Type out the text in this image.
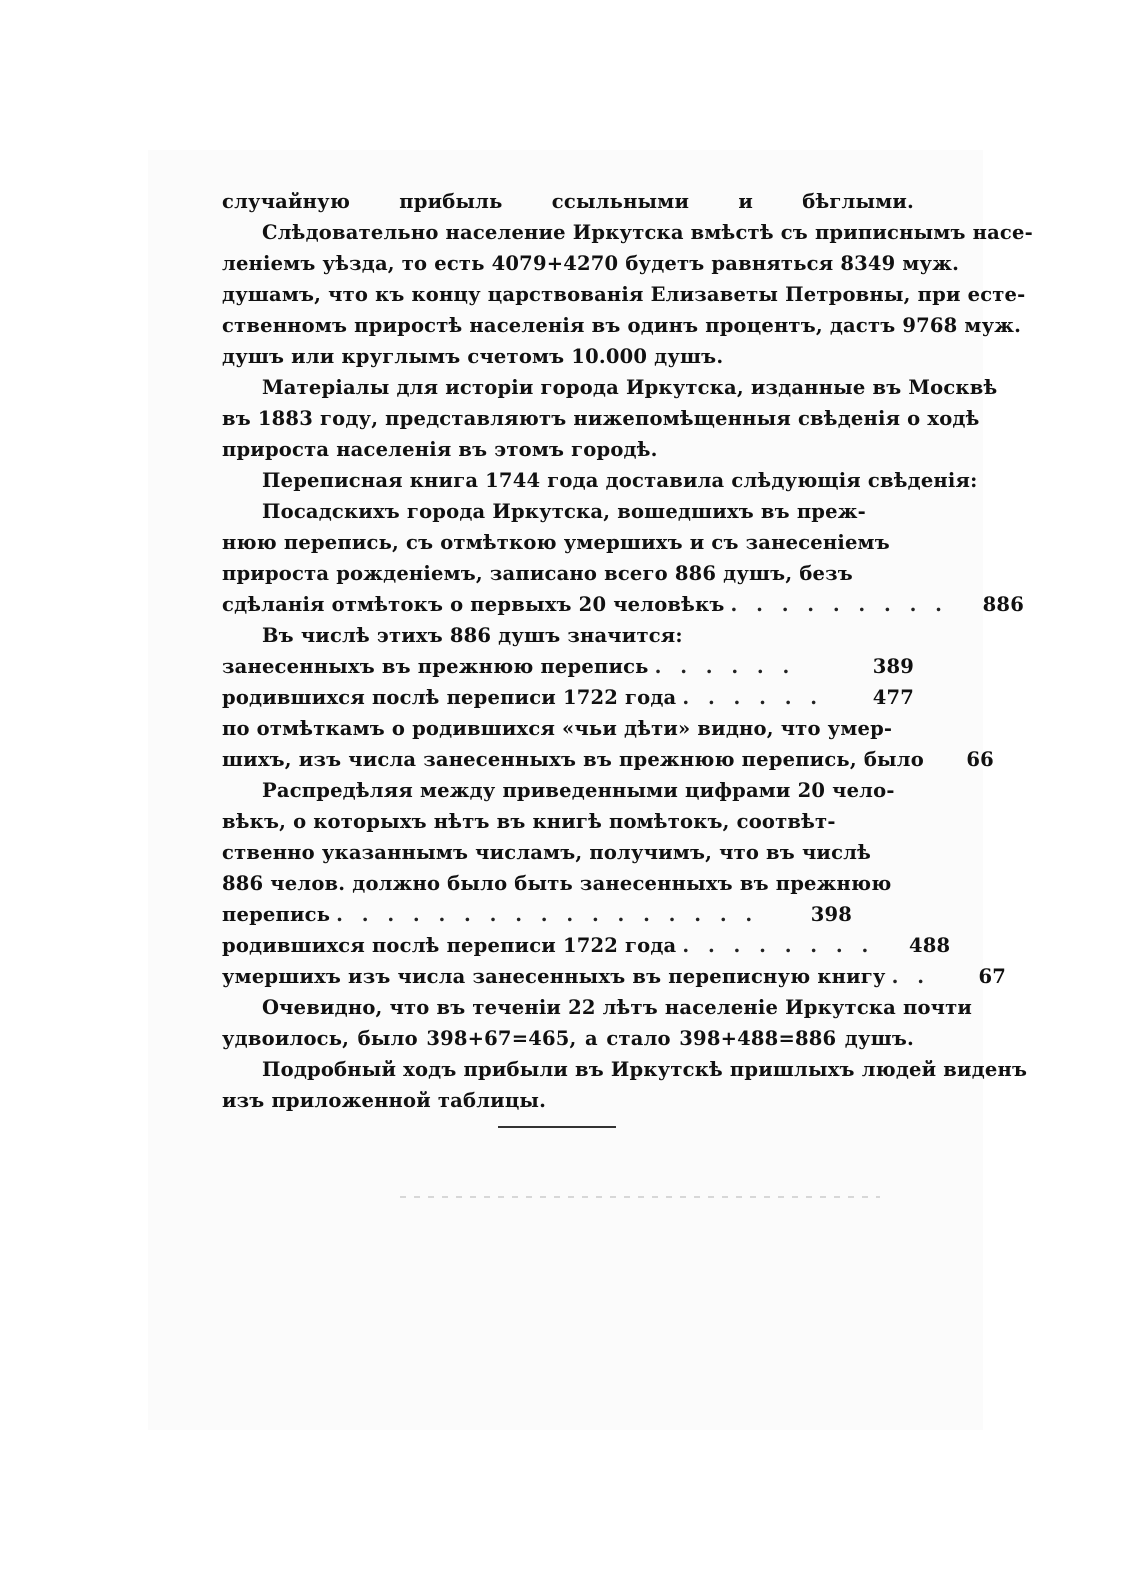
случайную прибыль ссыльными и бѣглыми.
Слѣдовательно население Иркутска вмѣстѣ съ приписнымъ насе-
ленiемъ уѣзда, то есть 4079+4270 будетъ равняться 8349 муж.
душамъ, что къ концу царствованiя Елизаветы Петровны, при есте-
ственномъ приростѣ населенiя въ одинъ процентъ, дастъ 9768 муж.
душъ или круглымъ счетомъ 10.000 душъ.
Матерiалы для исторiи города Иркутска, изданные въ Москвѣ
въ 1883 году, представляютъ нижепомѣщенныя свѣденiя о ходѣ
прироста населенiя въ этомъ городѣ.
Переписная книга 1744 года доставила слѣдующiя свѣденiя:
Посадскихъ города Иркутска, вошедшихъ въ преж-
нюю перепись, съ отмѣткою умершихъ и съ занесенiемъ
прироста рожденiемъ, записано всего 886 душъ, безъ
сдѣланiя отмѣтокъ о первыхъ 20 человѣкъ . . . . . . . . .	886
Въ числѣ этихъ 886 душъ значится:
занесенныхъ въ прежнюю перепись . . . . . .	389
родившихся послѣ переписи 1722 года . . . . . .	477
по отмѣткамъ о родившихся «чьи дѣти» видно, что умер-
шихъ, изъ числа занесенныхъ въ прежнюю перепись, было	66
Распредѣляя между приведенными цифрами 20 чело-
вѣкъ, о которыхъ нѣтъ въ книгѣ помѣтокъ, соотвѣт-
ственно указаннымъ числамъ, получимъ, что въ числѣ
886 челов. должно было быть занесенныхъ въ прежнюю
перепись . . . . . . . . . . . . . . . . .	398
родившихся послѣ переписи 1722 года . . . . . . . .	488
умершихъ изъ числа занесенныхъ въ переписную книгу . .	67
Очевидно, что въ теченiи 22 лѣтъ населенiе Иркутска почти
удвоилось, было 398+67=465, а стало 398+488=886 душъ.
Подробный ходъ прибыли въ Иркутскѣ пришлыхъ людей виденъ
изъ приложенной таблицы.
